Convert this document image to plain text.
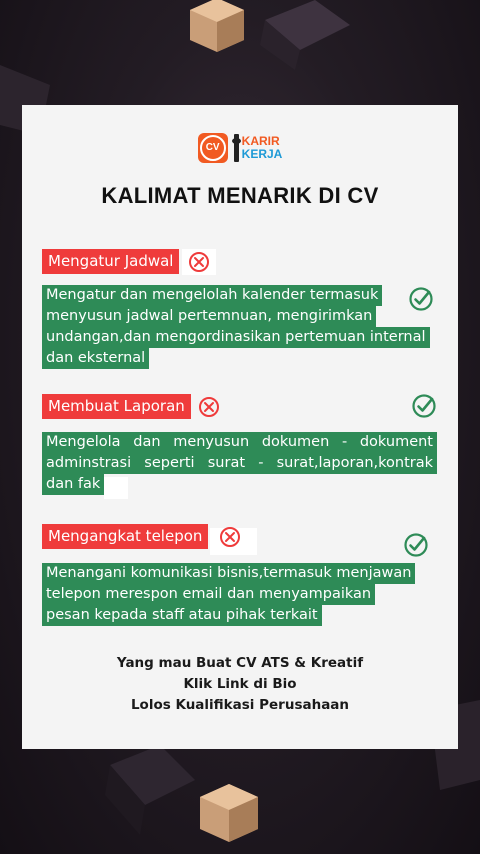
CV	KARIR
KERJA
KALIMAT MENARIK DI CV
Mengatur Jadwal
Mengatur dan mengelolah kalender termasuk
menyusun jadwal pertemnuan, mengirimkan
undangan,dan mengordinasikan pertemuan internal
dan eksternal
Membuat Laporan
Mengelola dan menyusun dokumen - dokument
adminstrasi seperti surat - surat,laporan,kontrak
dan fak
Mengangkat telepon
Menangani komunikasi bisnis,termasuk menjawan
telepon merespon email dan menyampaikan
pesan kepada staff atau pihak terkait
Yang mau Buat CV ATS & Kreatif
Klik Link di Bio
Lolos Kualifikasi Perusahaan
